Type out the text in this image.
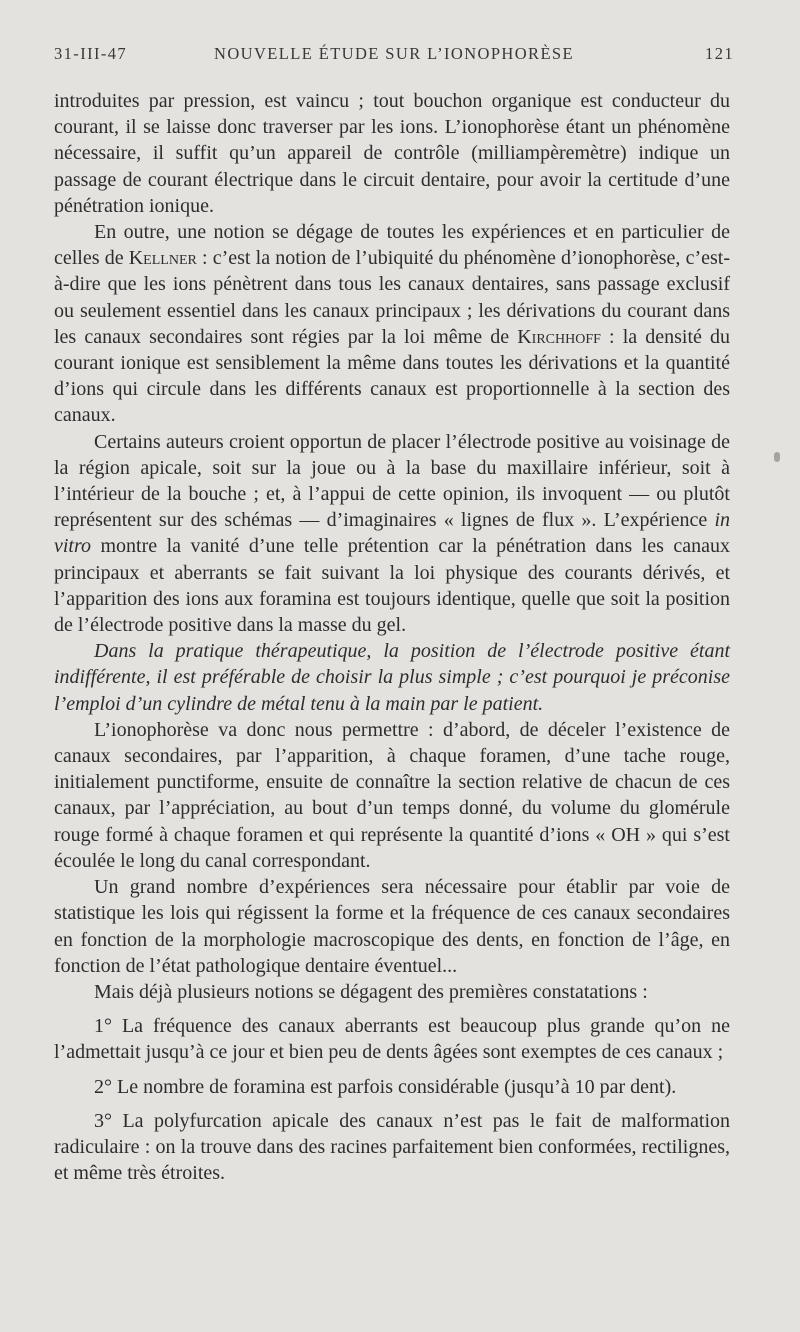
31-III-47	NOUVELLE ÉTUDE SUR L’IONOPHORÈSE	121

introduites par pression, est vaincu ; tout bouchon organique est conducteur du courant, il se laisse donc traverser par les ions. L’ionophorèse étant un phénomène nécessaire, il suffit qu’un appareil de contrôle (milliampèremètre) indique un passage de courant électrique dans le circuit dentaire, pour avoir la certitude d’une pénétration ionique.

En outre, une notion se dégage de toutes les expériences et en particulier de celles de Kellner : c’est la notion de l’ubiquité du phénomène d’ionophorèse, c’est-à-dire que les ions pénètrent dans tous les canaux dentaires, sans passage exclusif ou seulement essentiel dans les canaux principaux ; les dérivations du courant dans les canaux secondaires sont régies par la loi même de Kirchhoff : la densité du courant ionique est sensiblement la même dans toutes les dérivations et la quantité d’ions qui circule dans les différents canaux est proportionnelle à la section des canaux.

Certains auteurs croient opportun de placer l’électrode positive au voisinage de la région apicale, soit sur la joue ou à la base du maxillaire inférieur, soit à l’intérieur de la bouche ; et, à l’appui de cette opinion, ils invoquent — ou plutôt représentent sur des schémas — d’imaginaires « lignes de flux ». L’expérience in vitro montre la vanité d’une telle prétention car la pénétration dans les canaux principaux et aberrants se fait suivant la loi physique des courants dérivés, et l’apparition des ions aux foramina est toujours identique, quelle que soit la position de l’électrode positive dans la masse du gel.

Dans la pratique thérapeutique, la position de l’électrode positive étant indifférente, il est préférable de choisir la plus simple ; c’est pourquoi je préconise l’emploi d’un cylindre de métal tenu à la main par le patient.

L’ionophorèse va donc nous permettre : d’abord, de déceler l’existence de canaux secondaires, par l’apparition, à chaque foramen, d’une tache rouge, initialement punctiforme, ensuite de connaître la section relative de chacun de ces canaux, par l’appréciation, au bout d’un temps donné, du volume du glomérule rouge formé à chaque foramen et qui représente la quantité d’ions « OH » qui s’est écoulée le long du canal correspondant.

Un grand nombre d’expériences sera nécessaire pour établir par voie de statistique les lois qui régissent la forme et la fréquence de ces canaux secondaires en fonction de la morphologie macroscopique des dents, en fonction de l’âge, en fonction de l’état pathologique dentaire éventuel...

Mais déjà plusieurs notions se dégagent des premières constatations :

1° La fréquence des canaux aberrants est beaucoup plus grande qu’on ne l’admettait jusqu’à ce jour et bien peu de dents âgées sont exemptes de ces canaux ;

2° Le nombre de foramina est parfois considérable (jusqu’à 10 par dent).

3° La polyfurcation apicale des canaux n’est pas le fait de malformation radiculaire : on la trouve dans des racines parfaitement bien conformées, rectilignes, et même très étroites.
